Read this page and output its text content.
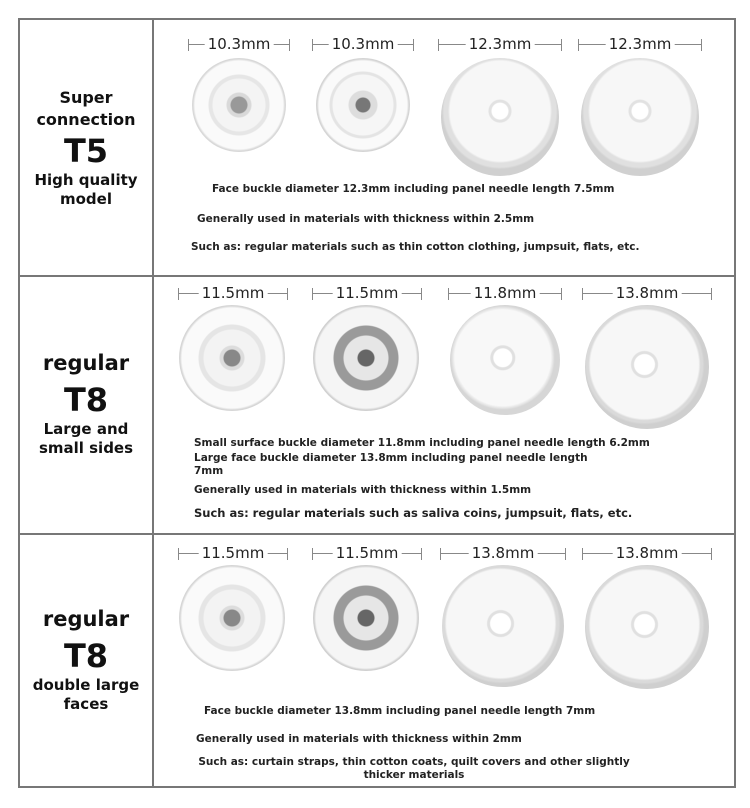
Super
connection
T5
High quality
model
10.3mm	10.3mm	12.3mm	12.3mm
Face buckle diameter 12.3mm including panel needle length 7.5mm
Generally used in materials with thickness within 2.5mm
Such as: regular materials such as thin cotton clothing, jumpsuit, flats, etc.
regular
T8
Large and
small sides
11.5mm	11.5mm	11.8mm	13.8mm
Small surface buckle diameter 11.8mm including panel needle length 6.2mm
Large face buckle diameter 13.8mm including panel needle length 7mm
Generally used in materials with thickness within 1.5mm
Such as: regular materials such as saliva coins, jumpsuit, flats, etc.
regular
T8
double large
faces
11.5mm	11.5mm	13.8mm	13.8mm
Face buckle diameter 13.8mm including panel needle length 7mm
Generally used in materials with thickness within 2mm
Such as: curtain straps, thin cotton coats, quilt covers and other slightly thicker materials
